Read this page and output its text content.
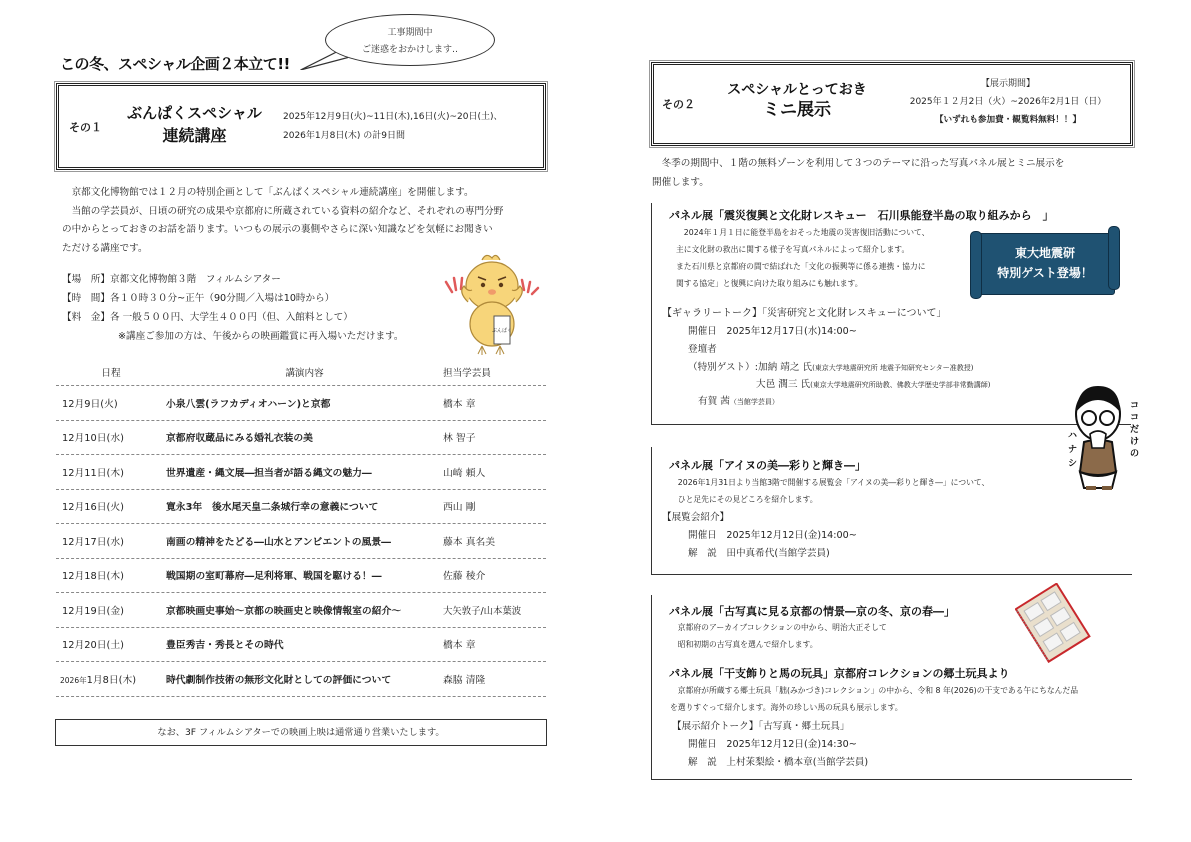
この冬、スペシャル企画２本立て!!
工事期間中
ご迷惑をおかけします‥
その１
ぶんぱくスペシャル
連続講座
2025年12月9日(火)~11日(木),16日(火)~20日(土)、
2026年1月8日(木) の計9日間
　京都文化博物館では１２月の特別企画として「ぶんぱくスペシャル連続講座」を開催します。
　当館の学芸員が、日頃の研究の成果や京都府に所蔵されている資料の紹介など、それぞれの専門分野
の中からとっておきのお話を語ります。いつもの展示の裏側やさらに深い知識などを気軽にお聞きい
ただける講座です。
【場　所】京都文化博物館３階　フィルムシアター
【時　間】各１０時３０分~正午（90分間／入場は10時から）
【料　金】各 一般５００円、大学生４００円（但、入館料として）
※講座ご参加の方は、午後からの映画鑑賞に再入場いただけます。	ぶんぱく
日程	講演内容	担当学芸員
12月9日(火)	小泉八雲(ラフカディオハーン)と京都	橋本 章
12月10日(水)	京都府収蔵品にみる婚礼衣装の美	林 智子
12月11日(木)	世界遺産・縄文展―担当者が語る縄文の魅力―	山崎 頼人
12月16日(火)	寛永3年　後水尾天皇二条城行幸の意義について	西山 剛
12月17日(水)	南画の精神をたどる―山水とアンビエントの風景―	藤本 真名美
12月18日(木)	戦国期の室町幕府―足利将軍、戦国を駆ける！―	佐藤 稜介
12月19日(金)	京都映画史事始～京都の映画史と映像情報室の紹介～	大矢敦子/山本葉波
12月20日(土)	豊臣秀吉・秀長とその時代	橋本 章
2026年1月8日(木)	時代劇制作技術の無形文化財としての評価について	森脇 清隆
なお、3F フィルムシアターでの映画上映は通常通り営業いたします。
その２
スペシャルとっておき
ミニ展示
【展示期間】
2025年１２月2日（火）~2026年2月1日（日）
【いずれも参加費・観覧料無料！！】
　冬季の期間中、１階の無料ゾーンを利用して３つのテーマに沿った写真パネル展とミニ展示を
開催します。
パネル展「震災復興と文化財レスキュー　石川県能登半島の取り組みから　」
　2024年１月１日に能登半島をおそった地震の災害復旧活動について、
主に文化財の救出に関する様子を写真パネルによって紹介します。
また石川県と京都府の間で結ばれた「文化の振興等に係る連携・協力に
関する協定」と復興に向けた取り組みにも触れます。
【ギャラリートーク】「災害研究と文化財レスキューについて」
開催日　2025年12月17日(水)14:00~
登壇者
（特別ゲスト）:加納 靖之 氏(東京大学地震研究所 地震予知研究センター准教授)
大邑 潤三 氏(東京大学地震研究所助教、佛教大学歴史学部非常勤講師)
有賀 茜（当館学芸員）
東大地震研
特別ゲスト登場！
ハ
ナ
シ
コ
コ
だ
け
の
パネル展「アイヌの美―彩りと輝き―」
　2026年1月31日より当館3階で開催する展覧会「アイヌの美―彩りと輝き―」について、
　ひと足先にその見どころを紹介します。
【展覧会紹介】
開催日　2025年12月12日(金)14:00~
解　説　田中真希代(当館学芸員)
パネル展「古写真に見る京都の情景―京の冬、京の春―」
　京都府のアーカイブコレクションの中から、明治大正そして
　昭和初期の古写真を選んで紹介します。
パネル展「干支飾りと馬の玩具」京都府コレクションの郷土玩具より
　京都府が所蔵する郷土玩具「胐(みかづき)コレクション」の中から、令和 8 年(2026)の干支である午にちなんだ品
を選りすぐって紹介します。海外の珍しい馬の玩具も展示します。
【展示紹介トーク】「古写真・郷土玩具」
開催日　2025年12月12日(金)14:30~
解　説　上村茉梨絵・橋本章(当館学芸員)
